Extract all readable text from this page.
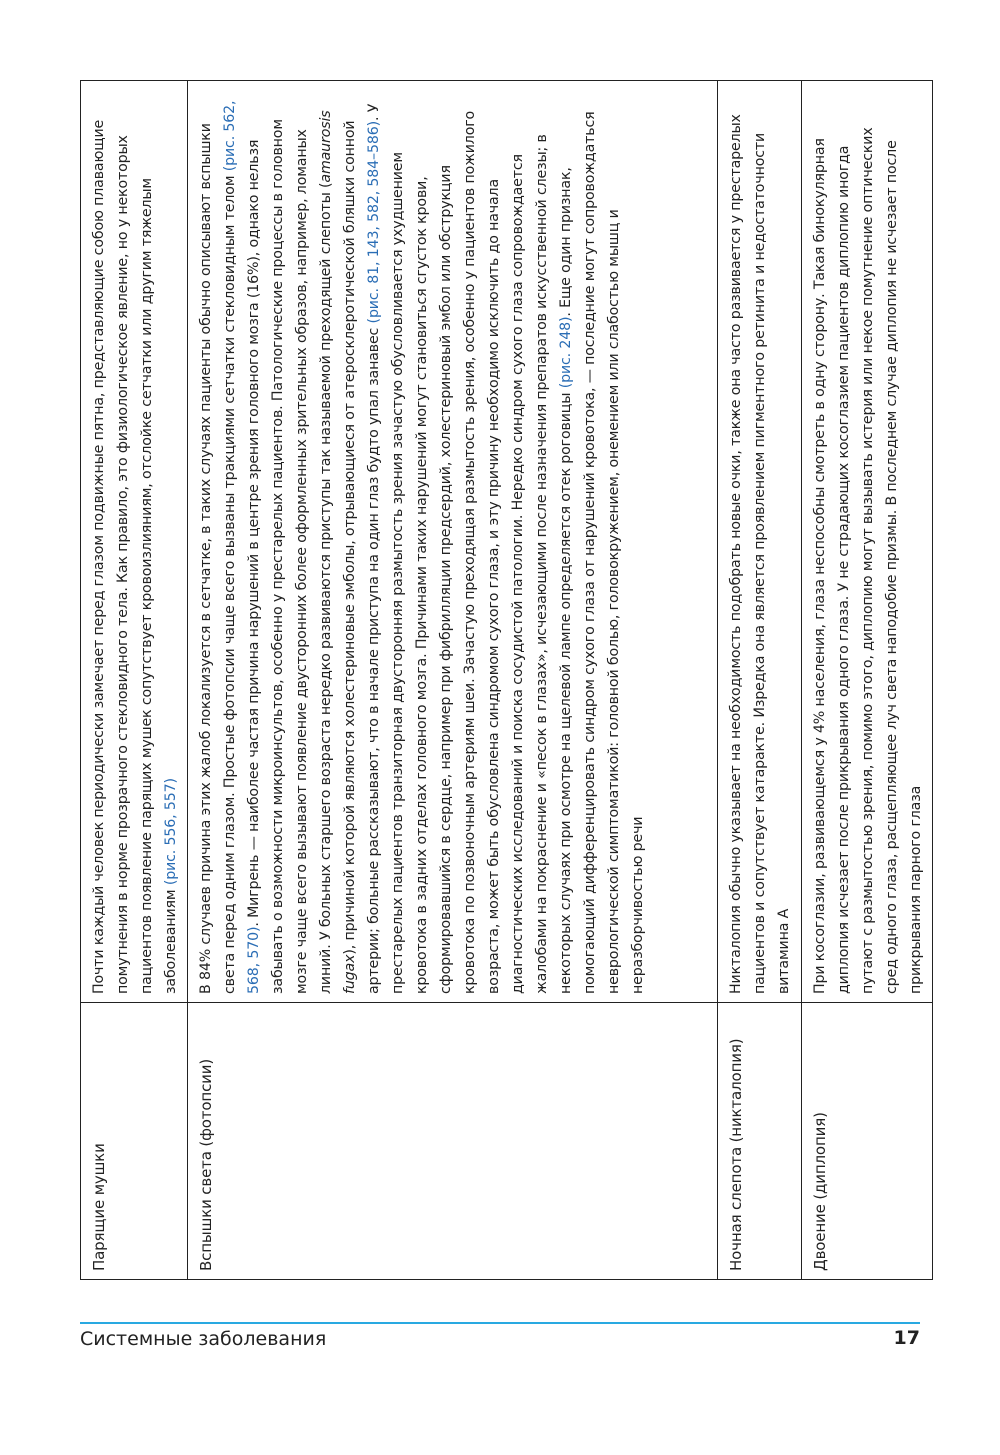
Парящие мушки	Почти каждый человек периодически замечает перед глазом подвижные пятна, представляющие собою плавающие помутнения в норме прозрачного стекловидного тела. Как правило, это физиологическое явление, но у некоторых пациентов появление парящих мушек сопутствует кровоизлияниям, отслойке сетчатки или другим тяжелым заболеваниям (рис. 556, 557)
Вспышки света (фотопсии)	В 84% случаев причина этих жалоб локализуется в сетчатке, в таких случаях пациенты обычно описывают вспышки света перед одним глазом. Простые фотопсии чаще всего вызваны тракциями сетчатки стекловидным телом (рис. 562, 568, 570). Мигрень — наиболее частая причина нарушений в центре зрения головного мозга (16%), однако нельзя забывать о возможности микроинсультов, особенно у престарелых пациентов. Патологические процессы в головном мозге чаще всего вызывают появление двусторонних более оформленных зрительных образов, например, ломаных линий. У больных старшего возраста нередко развиваются приступы так называемой преходящей слепоты (amaurosis fugax), причиной которой являются холестериновые эмболы, отрывающиеся от атеросклеротической бляшки сонной артерии; больные рассказывают, что в начале приступа на один глаз будто упал занавес (рис. 81, 143, 582, 584–586). У престарелых пациентов транзиторная двусторонняя размытость зрения зачастую обусловливается ухудшением кровотока в задних отделах головного мозга. Причинами таких нарушений могут становиться сгусток крови, сформировавшийся в сердце, например при фибрилляции предсердий, холестериновый эмбол или обструкция кровотока по позвоночным артериям шеи. Зачастую преходящая размытость зрения, особенно у пациентов пожилого возраста, может быть обусловлена синдромом сухого глаза, и эту причину необходимо исключить до начала диагностических исследований и поиска сосудистой патологии. Нередко синдром сухого глаза сопровождается жалобами на покраснение и «песок в глазах», исчезающими после назначения препаратов искусственной слезы; в некоторых случаях при осмотре на щелевой лампе определяется отек роговицы (рис. 248). Еще один признак, помогающий дифференцировать синдром сухого глаза от нарушений кровотока, — последние могут сопровождаться неврологической симптоматикой: головной болью, головокружением, онемением или слабостью мышц и неразборчивостью речи
Ночная слепота (никталопия)	Никталопия обычно указывает на необходимость подобрать новые очки, также она часто развивается у престарелых пациентов и сопутствует катаракте. Изредка она является проявлением пигментного ретинита и недостаточности витамина А
Двоение (диплопия)	При косоглазии, развивающемся у 4% населения, глаза неспособны смотреть в одну сторону. Такая бинокулярная диплопия исчезает после прикрывания одного глаза. У не страдающих косоглазием пациентов диплопию иногда путают с размытостью зрения, помимо этого, диплопию могут вызывать истерия или некое помутнение оптических сред одного глаза, расщепляющее луч света наподобие призмы. В последнем случае диплопия не исчезает после прикрывания парного глаза
Системные заболевания	17
